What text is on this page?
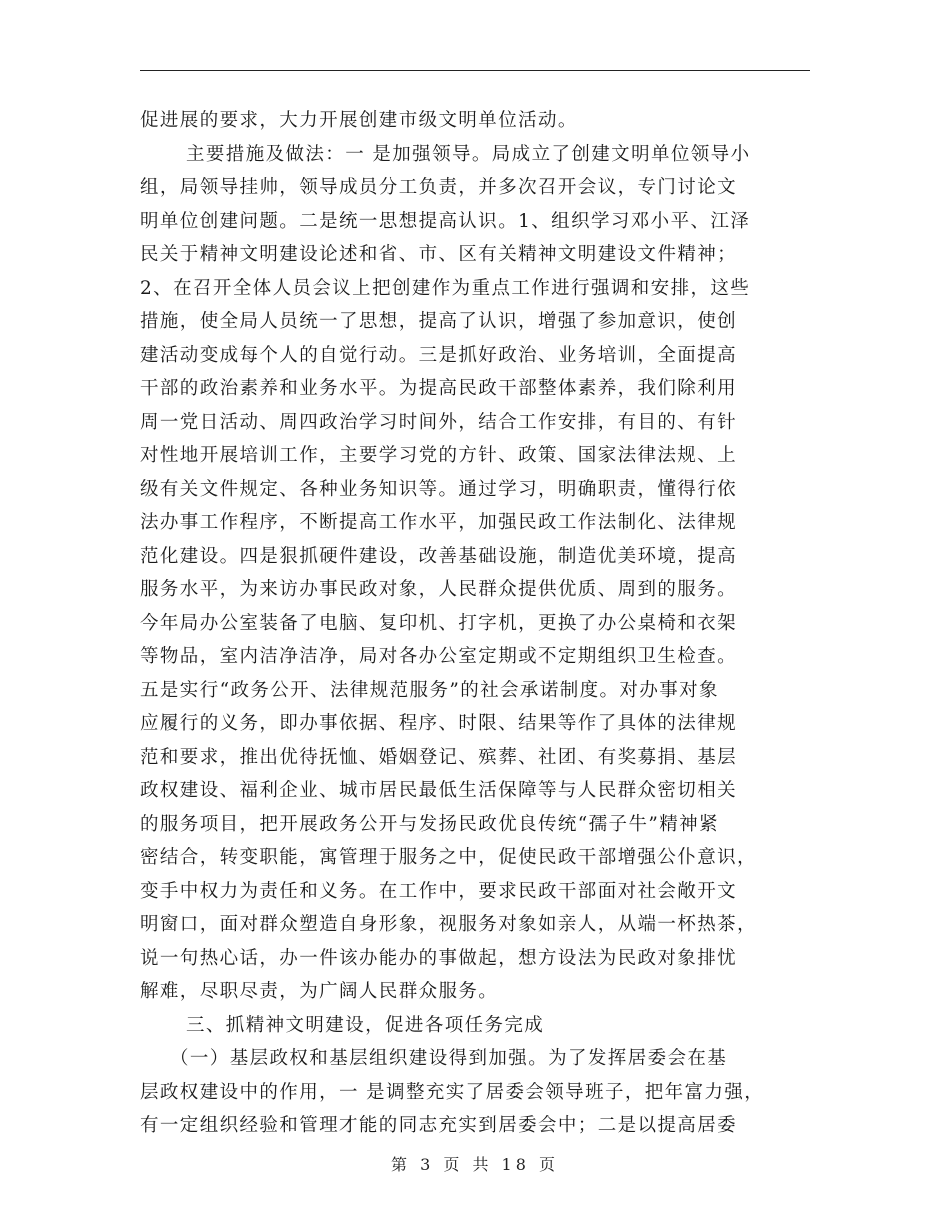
促进展的要求，大力开展创建市级文明单位活动。
主要措施及做法：一 是加强领导。局成立了创建文明单位领导小
组，局领导挂帅，领导成员分工负责，并多次召开会议，专门讨论文
明单位创建问题。二是统一思想提高认识。1、组织学习邓小平、江泽
民关于精神文明建设论述和省、市、区有关精神文明建设文件精神；
2、在召开全体人员会议上把创建作为重点工作进行强调和安排，这些
措施，使全局人员统一了思想，提高了认识，增强了参加意识，使创
建活动变成每个人的自觉行动。三是抓好政治、业务培训，全面提高
干部的政治素养和业务水平。为提高民政干部整体素养，我们除利用
周一党日活动、周四政治学习时间外，结合工作安排，有目的、有针
对性地开展培训工作，主要学习党的方针、政策、国家法律法规、上
级有关文件规定、各种业务知识等。通过学习，明确职责，懂得行依
法办事工作程序，不断提高工作水平，加强民政工作法制化、法律规
范化建设。四是狠抓硬件建设，改善基础设施，制造优美环境，提高
服务水平，为来访办事民政对象，人民群众提供优质、周到的服务。
今年局办公室装备了电脑、复印机、打字机，更换了办公桌椅和衣架
等物品，室内洁净洁净，局对各办公室定期或不定期组织卫生检查。
五是实行“政务公开、法律规范服务”的社会承诺制度。对办事对象
应履行的义务，即办事依据、程序、时限、结果等作了具体的法律规
范和要求，推出优待抚恤、婚姻登记、殡葬、社团、有奖募捐、基层
政权建设、福利企业、城市居民最低生活保障等与人民群众密切相关
的服务项目，把开展政务公开与发扬民政优良传统“孺子牛”精神紧
密结合，转变职能，寓管理于服务之中，促使民政干部增强公仆意识，
变手中权力为责任和义务。在工作中，要求民政干部面对社会敞开文
明窗口，面对群众塑造自身形象，视服务对象如亲人，从端一杯热茶，
说一句热心话，办一件该办能办的事做起，想方设法为民政对象排忧
解难，尽职尽责，为广阔人民群众服务。
三、抓精神文明建设，促进各项任务完成
（一）基层政权和基层组织建设得到加强。为了发挥居委会在基
层政权建设中的作用，一 是调整充实了居委会领导班子，把年富力强，
有一定组织经验和管理才能的同志充实到居委会中；二是以提高居委
第 3 页 共 18 页
